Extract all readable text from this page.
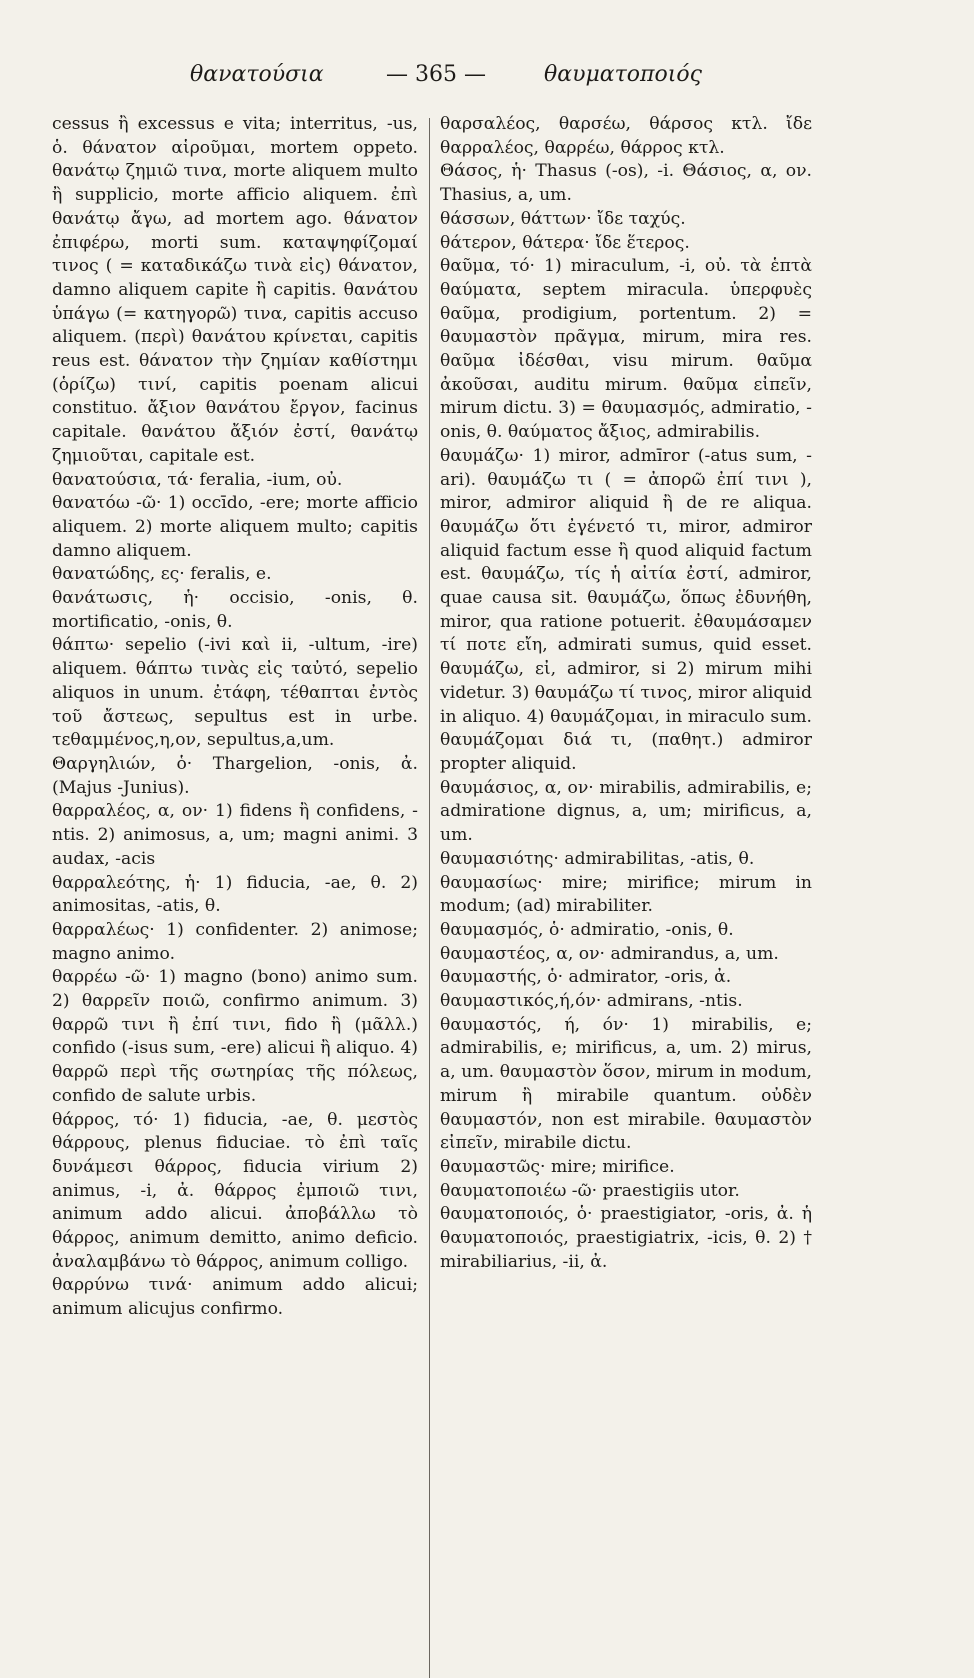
θανατούσια	— 365 —	θαυματοποιός

cessus ἢ excessus e vita; interritus, -us, ὁ. θάνατον αἱροῦμαι, mortem oppeto. θανάτῳ ζημιῶ τινα, morte aliquem multo ἢ supplicio, morte afficio aliquem. ἐπὶ θανάτῳ ἄγω, ad mortem ago. θάνατον ἐπιφέρω, morti sum. καταψηφίζομαί τινος ( = καταδικάζω τινὰ εἰς) θάνατον, damno aliquem capite ἢ capitis. θανάτου ὑπάγω (= κατηγορῶ) τινα, capitis accuso aliquem. (περὶ) θανάτου κρίνεται, capitis reus est. θάνατον τὴν ζημίαν καθίστημι (ὁρίζω) τινί, capitis poenam alicui constituo. ἄξιον θανάτου ἔργον, facinus capitale. θανάτου ἄξιόν ἐστί, θανάτῳ ζημιοῦται, capitale est.

θανατούσια, τά· feralia, -ium, οὐ.

θανατόω -ῶ· 1) occīdo, -ere; morte afficio aliquem. 2) morte aliquem multo; capitis damno aliquem.

θανατώδης, ες· feralis, e.

θανάτωσις, ἡ· occisio, -onis, θ. mortificatio, -onis, θ.

θάπτω· sepelio (-ivi καὶ ii, -ultum, -ire) aliquem. θάπτω τινὰς εἰς ταὐτό, sepelio aliquos in unum. ἐτάφη, τέθαπται ἐντὸς τοῦ ἄστεως, sepultus est in urbe. τεθαμμένος,η,ον, sepultus,a,um.

Θαργηλιών, ὁ· Thargelion, -onis, ἀ. (Majus -Junius).

θαρραλέος, α, ον· 1) fidens ἢ confidens, -ntis. 2) animosus, a, um; magni animi. 3 audax, -acis

θαρραλεότης, ἡ· 1) fiducia, -ae, θ. 2) animositas, -atis, θ.

θαρραλέως· 1) confidenter. 2) animose; magno animo.

θαρρέω -ῶ· 1) magno (bono) animo sum. 2) θαρρεῖν ποιῶ, confirmo animum. 3) θαρρῶ τινι ἢ ἐπί τινι, fido ἢ (μᾶλλ.) confido (-isus sum, -ere) alicui ἢ aliquo. 4) θαρρῶ περὶ τῆς σωτηρίας τῆς πόλεως, confido de salute urbis.

θάρρος, τό· 1) fiducia, -ae, θ. μεστὸς θάρρους, plenus fiduciae. τὸ ἐπὶ ταῖς δυνάμεσι θάρρος, fiducia virium 2) animus, -i, ἀ. θάρρος ἐμποιῶ τινι, animum addo alicui. ἀποβάλλω τὸ θάρρος, animum demitto, animo deficio. ἀναλαμβάνω τὸ θάρρος, animum colligo.

θαρρύνω τινά· animum addo alicui; animum alicujus confirmo.

θαρσαλέος, θαρσέω, θάρσος κτλ. ἴδε θαρραλέος, θαρρέω, θάρρος κτλ.

Θάσος, ἡ· Thasus (-os), -i. Θάσιος, α, ον. Thasius, a, um.

θάσσων, θάττων· ἴδε ταχύς.

θάτερον, θάτερα· ἴδε ἕτερος.

θαῦμα, τό· 1) miraculum, -i, οὐ. τὰ ἑπτὰ θαύματα, septem miracula. ὑπερφυὲς θαῦμα, prodigium, portentum. 2) = θαυμαστὸν πρᾶγμα, mirum, mira res. θαῦμα ἰδέσθαι, visu mirum. θαῦμα ἀκοῦσαι, auditu mirum. θαῦμα εἰπεῖν, mirum dictu. 3) = θαυμασμός, admiratio, -onis, θ. θαύματος ἄξιος, admirabilis.

θαυμάζω· 1) miror, admīror (-atus sum, -ari). θαυμάζω τι ( = ἀπορῶ ἐπί τινι ), miror, admiror aliquid ἢ de re aliqua. θαυμάζω ὅτι ἐγένετό τι, miror, admiror aliquid factum esse ἢ quod aliquid factum est. θαυμάζω, τίς ἡ αἰτία ἐστί, admiror, quae causa sit. θαυμάζω, ὅπως ἐδυνήθη, miror, qua ratione potuerit. ἐθαυμάσαμεν τί ποτε εἴη, admirati sumus, quid esset. θαυμάζω, εἰ, admiror, si 2) mirum mihi videtur. 3) θαυμάζω τί τινος, miror aliquid in aliquo. 4) θαυμάζομαι, in miraculo sum. θαυμάζομαι διά τι, (παθητ.) admiror propter aliquid.

θαυμάσιος, α, ον· mirabilis, admirabilis, e; admiratione dignus, a, um; mirificus, a, um.

θαυμασιότης· admirabilitas, -atis, θ.

θαυμασίως· mire; mirifice; mirum in modum; (ad) mirabiliter.

θαυμασμός, ὁ· admiratio, -onis, θ.

θαυμαστέος, α, ον· admirandus, a, um.

θαυμαστής, ὁ· admirator, -oris, ἀ.

θαυμαστικός,ή,όν· admirans, -ntis.

θαυμαστός, ή, όν· 1) mirabilis, e; admirabilis, e; mirificus, a, um. 2) mirus, a, um. θαυμαστὸν ὅσον, mirum in modum, mirum ἢ mirabile quantum. οὐδὲν θαυμαστόν, non est mirabile. θαυμαστὸν εἰπεῖν, mirabile dictu.

θαυμαστῶς· mire; mirifice.

θαυματοποιέω -ῶ· praestigiis utor.

θαυματοποιός, ὁ· praestigiator, -oris, ἀ. ἡ θαυματοποιός, praestigiatrix, -icis, θ. 2) † mirabiliarius, -ii, ἀ.
